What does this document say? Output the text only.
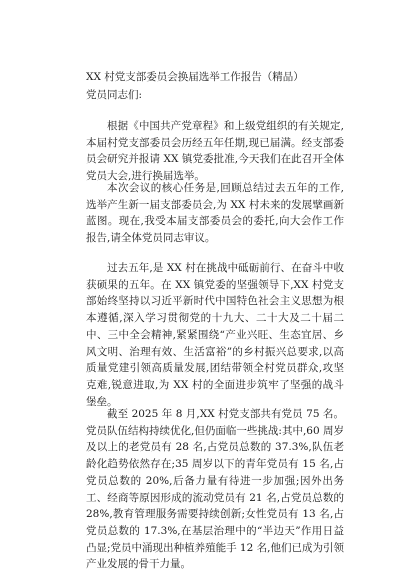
XX 村党支部委员会换届选举工作报告（精品）
党员同志们:

根据《中国共产党章程》和上级党组织的有关规定,本届村党支部委员会历经五年任期,现已届满。经支部委员会研究并报请 XX 镇党委批准,今天我们在此召开全体党员大会,进行换届选举。

本次会议的核心任务是,回顾总结过去五年的工作,选举产生新一届支部委员会,为 XX 村未来的发展擘画新蓝图。现在,我受本届支部委员会的委托,向大会作工作报告,请全体党员同志审议。

过去五年,是 XX 村在挑战中砥砺前行、在奋斗中收获硕果的五年。在 XX 镇党委的坚强领导下,XX 村党支部始终坚持以习近平新时代中国特色社会主义思想为根本遵循,深入学习贯彻党的十九大、二十大及二十届二中、三中全会精神,紧紧围绕“产业兴旺、生态宜居、乡风文明、治理有效、生活富裕”的乡村振兴总要求,以高质量党建引领高质量发展,团结带领全村党员群众,攻坚克难,锐意进取,为 XX 村的全面进步筑牢了坚强的战斗堡垒。

截至 2025 年 8 月,XX 村党支部共有党员 75 名。党员队伍结构持续优化,但仍面临一些挑战:其中,60 周岁及以上的老党员有 28 名,占党员总数的 37.3%,队伍老龄化趋势依然存在;35 周岁以下的青年党员有 15 名,占党员总数的 20%,后备力量有待进一步加强;因外出务工、经商等原因形成的流动党员有 21 名,占党员总数的 28%,教育管理服务需要持续创新;女性党员有 13 名,占党员总数的 17.3%,在基层治理中的“半边天”作用日益凸显;党员中涌现出种植养殖能手 12 名,他们已成为引领产业发展的骨干力量。
